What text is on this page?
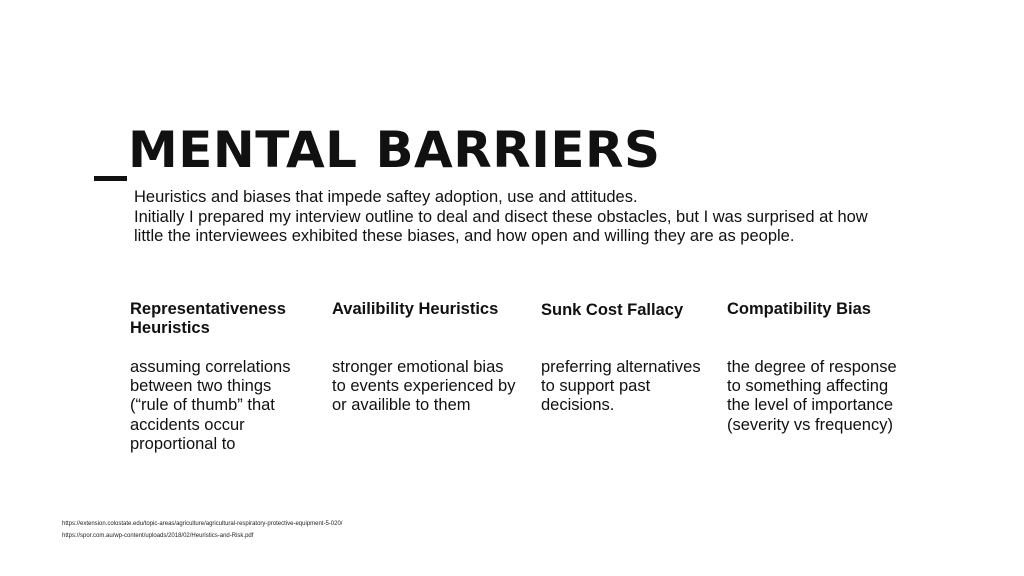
MENTAL BARRIERS

Heuristics and biases that impede saftey adoption, use and attitudes.

Initially I prepared my interview outline to deal and disect these obstacles, but I was surprised at how little the interviewees exhibited these biases, and how open and willing they are as people.

Representativeness Heuristics

assuming correlations between two things (“rule of thumb” that accidents occur proportional to

Availibility Heuristics

stronger emotional bias to events experienced by or availible to them

Sunk Cost Fallacy

preferring alternatives to support past decisions.

Compatibility Bias

the degree of response to something affecting the level of importance (severity vs frequency)

https://extension.colostate.edu/topic-areas/agriculture/agricultural-respiratory-protective-equipment-5-020/
https://spor.com.au/wp-content/uploads/2018/02/Heuristics-and-Risk.pdf
